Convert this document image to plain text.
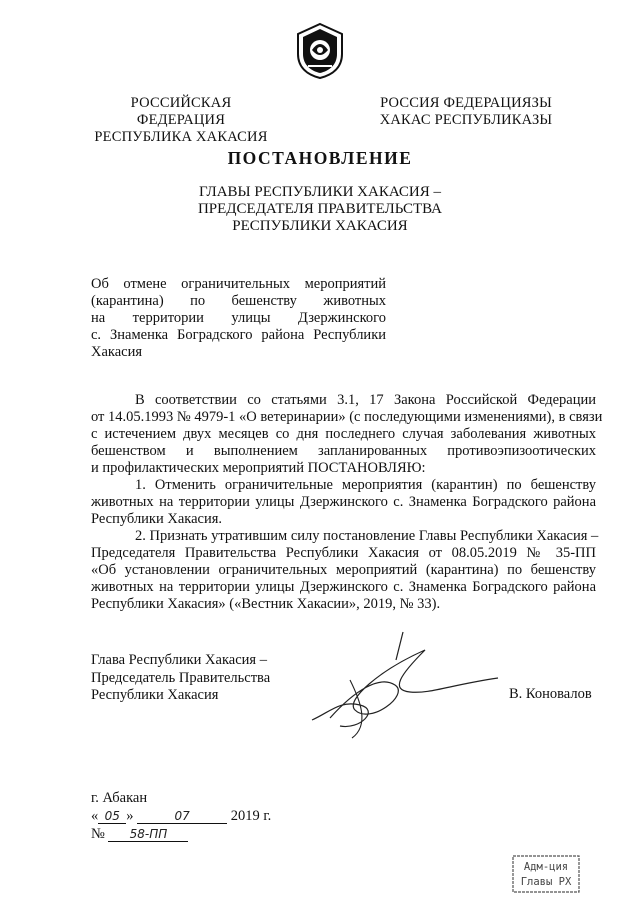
РОССИЙСКАЯ ФЕДЕРАЦИЯ
РЕСПУБЛИКА ХАКАСИЯ
РОССИЯ ФЕДЕРАЦИЯЗЫ
ХАКАС РЕСПУБЛИКАЗЫ
ПОСТАНОВЛЕНИЕ
ГЛАВЫ РЕСПУБЛИКИ ХАКАСИЯ –
ПРЕДСЕДАТЕЛЯ ПРАВИТЕЛЬСТВА
РЕСПУБЛИКИ ХАКАСИЯ
Об отмене ограничительных мероприятий
(карантина) по бешенству животных
на территории улицы Дзержинского
с. Знаменка Боградского района Республики
Хакасия
В соответствии со статьями 3.1, 17 Закона Российской Федерации
от 14.05.1993 № 4979-1 «О ветеринарии» (с последующими изменениями), в связи
с истечением двух месяцев со дня последнего случая заболевания животных
бешенством и выполнением запланированных противоэпизоотических
и профилактических мероприятий ПОСТАНОВЛЯЮ:
1. Отменить ограничительные мероприятия (карантин) по бешенству
животных на территории улицы Дзержинского с. Знаменка Боградского района
Республики Хакасия.
2. Признать утратившим силу постановление Главы Республики Хакасия –
Председателя Правительства Республики Хакасия от 08.05.2019 № 35-ПП
«Об установлении ограничительных мероприятий (карантина) по бешенству
животных на территории улицы Дзержинского с. Знаменка Боградского района
Республики Хакасия» («Вестник Хакасии», 2019, № 33).
Глава Республики Хакасия –
Председатель Правительства
Республики Хакасия	В. Коновалов
г. Абакан
« 05 »	07	2019 г.
№ 58-ПП
Адм-ция
Главы РХ
